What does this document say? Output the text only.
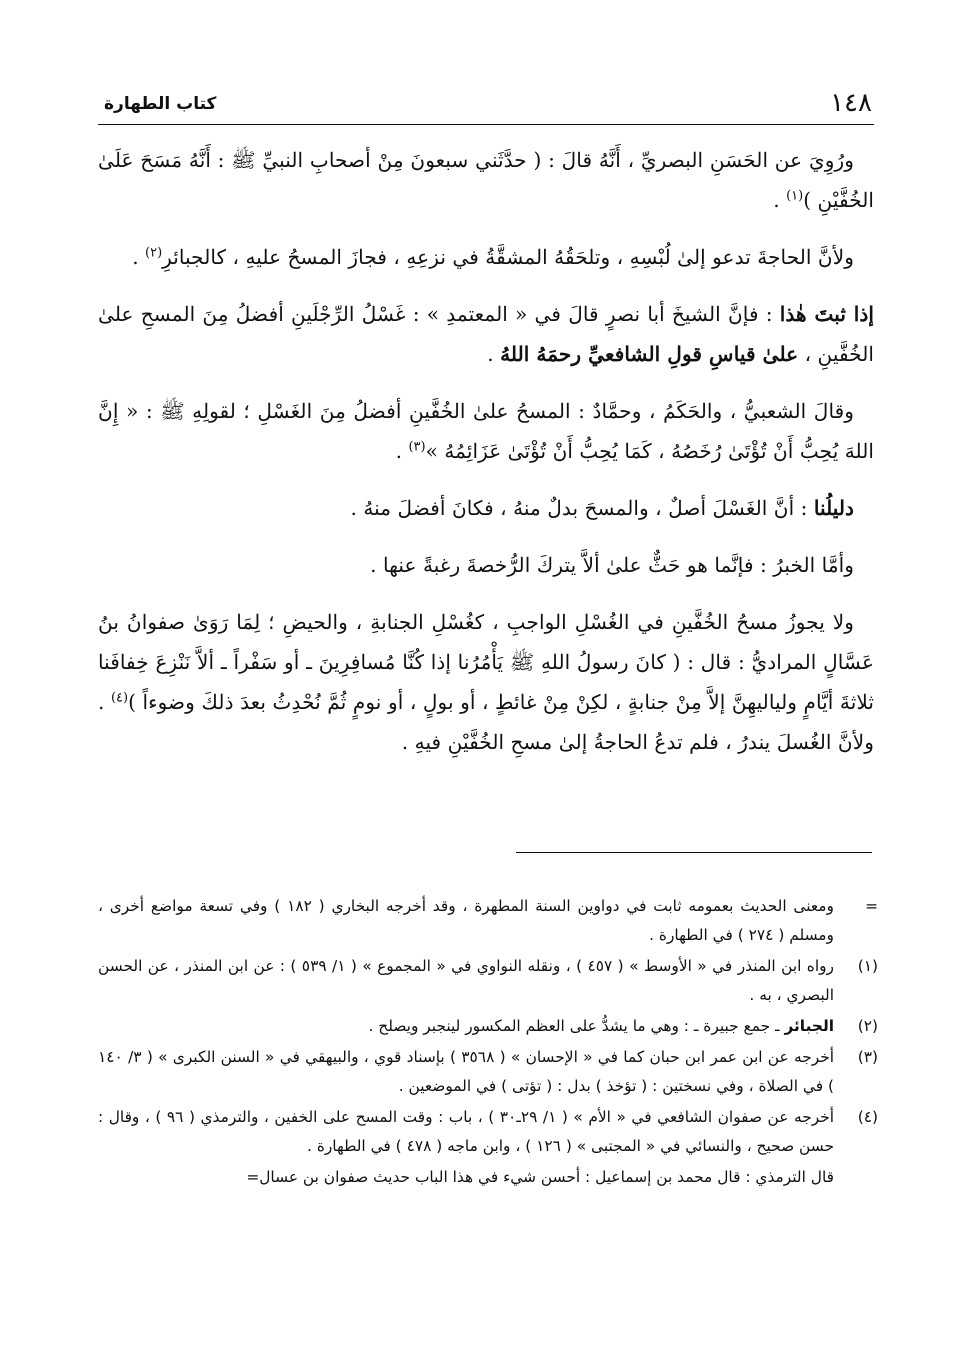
١٤٨
كتاب الطهارة

ورُوِيَ عن الحَسَنِ البصريِّ ، أَنَّهُ قالَ : ( حدَّثَني سبعونَ مِنْ أصحابِ النبيِّ ﷺ : أَنَّهُ مَسَحَ عَلَىٰ الخُفَّيْنِ )$^{(١)}$ .

ولأنَّ الحاجةَ تدعو إلىٰ لُبْسِهِ ، وتلحَقُهُ المشقَّةُ في نزعِهِ ، فجازَ المسحُ عليهِ ، كالجبائرِ$^{(٢)}$ .

إذا ثبتَ هٰذا : فإنَّ الشيخَ أبا نصرٍ قالَ في « المعتمدِ » : غَسْلُ الرِّجْلَينِ أفضلُ مِنَ المسحِ علىٰ الخُفَّينِ ، علىٰ قياسِ قولِ الشافعيِّ رحمَهُ اللهُ .

وقالَ الشعبيُّ ، والحَكَمُ ، وحمَّادٌ : المسحُ علىٰ الخُفَّينِ أفضلُ مِنَ الغَسْلِ ؛ لقولِهِ ﷺ : « إِنَّ اللهَ يُحِبُّ أَنْ تُؤْتَىٰ رُخَصُهُ ، كَمَا يُحِبُّ أَنْ تُؤْتَىٰ عَزَائِمُهُ »$^{(٣)}$ .

دليلُنا : أنَّ الغَسْلَ أصلٌ ، والمسحَ بدلٌ منهُ ، فكانَ أفضلَ منهُ .

وأمَّا الخبرُ : فإنَّما هو حَثٌّ علىٰ ألاَّ يتركَ الرُّخصةَ رغبةً عنها .

ولا يجوزُ مسحُ الخُفَّينِ في الغُسْلِ الواجبِ ، كغُسْلِ الجنابةِ ، والحيضِ ؛ لِمَا رَوَىٰ صفوانُ بنُ عَسَّالٍ المراديُّ : قال : ( كانَ رسولُ اللهِ ﷺ يَأْمُرُنا إذا كُنَّا مُسافِرِينَ ـ أو سَفْراً ـ ألاَّ نَنْزِعَ خِفافَنا ثلاثةَ أيَّامٍ ولياليهِنَّ إلاَّ مِنْ جنابةٍ ، لكِنْ مِنْ غائطٍ ، أو بولٍ ، أو نومٍ ثُمَّ نُحْدِثُ بعدَ ذلكَ وضوءاً )$^{(٤)}$ . ولأنَّ الغُسلَ يندرُ ، فلم تدعُ الحاجةُ إلىٰ مسحِ الخُفَّيْنِ فيهِ .

=
ومعنى الحديث بعمومه ثابت في دواوين السنة المطهرة ، وقد أخرجه البخاري ( ١٨٢ ) وفي تسعة مواضع أخرى ، ومسلم ( ٢٧٤ ) في الطهارة .
(١)
رواه ابن المنذر في « الأوسط » ( ٤٥٧ ) ، ونقله النواوي في « المجموع » ( ١/ ٥٣٩ ) : عن ابن المنذر ، عن الحسن البصري ، به .
(٢)
الجبائر ـ جمع جبيرة ـ : وهي ما يشدُّ على العظم المكسور لينجبر ويصلح .
(٣)
أخرجه عن ابن عمر ابن حبان كما في « الإحسان » ( ٣٥٦٨ ) بإسناد قوي ، والبيهقي في « السنن الكبرى » ( ٣/ ١٤٠ ) في الصلاة ، وفي نسختين : ( تؤخذ ) بدل : ( تؤتى ) في الموضعين .
(٤)
أخرجه عن صفوان الشافعي في « الأم » ( ١/ ٢٩ـ٣٠ ) ، باب : وقت المسح على الخفين ، والترمذي ( ٩٦ ) ، وقال : حسن صحيح ، والنسائي في « المجتبى » ( ١٢٦ ) ، وابن ماجه ( ٤٧٨ ) في الطهارة .
قال الترمذي : قال محمد بن إسماعيل : أحسن شيء في هذا الباب حديث صفوان بن عسال=
